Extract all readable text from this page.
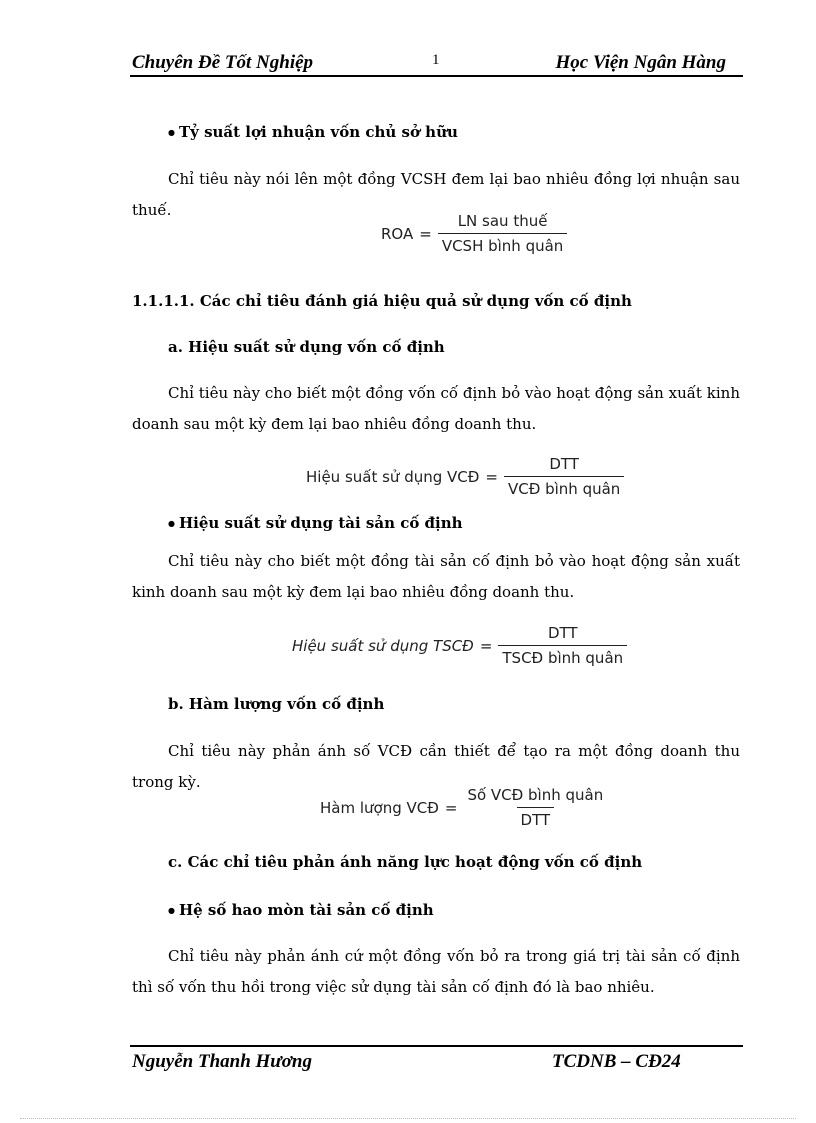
Chuyên Đề Tốt Nghiệp	1	Học Viện Ngân Hàng
● Tỷ suất lợi nhuận vốn chủ sở hữu
Chỉ tiêu này nói lên một đồng VCSH đem lại bao nhiêu đồng lợi nhuận sau thuế.
ROA = $\frac{\text{LN sau thuế}}{\text{VCSH bình quân}}$
1.1.1.1. Các chỉ tiêu đánh giá hiệu quả sử dụng vốn cố định
a. Hiệu suất sử dụng vốn cố định
Chỉ tiêu này cho biết một đồng vốn cố định bỏ vào hoạt động sản xuất kinh doanh sau một kỳ đem lại bao nhiêu đồng doanh thu.
Hiệu suất sử dụng VCĐ = $\frac{\text{DTT}}{\text{VCĐ bình quân}}$
● Hiệu suất sử dụng tài sản cố định
Chỉ tiêu này cho biết một đồng tài sản cố định bỏ vào hoạt động sản xuất kinh doanh sau một kỳ đem lại bao nhiêu đồng doanh thu.
Hiệu suất sử dụng TSCĐ = $\frac{\text{DTT}}{\text{TSCĐ bình quân}}$
b. Hàm lượng vốn cố định
Chỉ tiêu này phản ánh số VCĐ cần thiết để tạo ra một đồng doanh thu trong kỳ.
Hàm lượng VCĐ = $\frac{\text{Số VCĐ bình quân}}{\text{DTT}}$
c. Các chỉ tiêu phản ánh năng lực hoạt động vốn cố định
● Hệ số hao mòn tài sản cố định
Chỉ tiêu này phản ánh cứ một đồng vốn bỏ ra trong giá trị tài sản cố định thì số vốn thu hồi trong việc sử dụng tài sản cố định đó là bao nhiêu.
Nguyễn Thanh Hương	TCDNB – CĐ24
